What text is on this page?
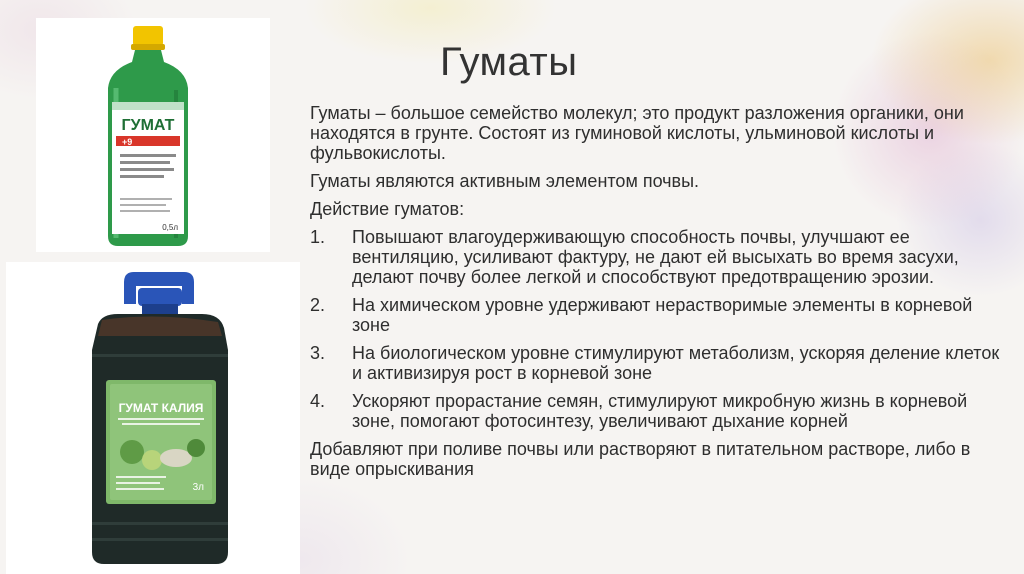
ГУМАТ
+9
0,5л
ГУМАТ КАЛИЯ
3л
Гуматы

Гуматы – большое семейство молекул; это продукт разложения органики, они находятся в грунте. Состоят из гуминовой кислоты, ульминовой кислоты и фульвокислоты.

Гуматы являются активным элементом почвы.

Действие гуматов:

1. Повышают влагоудерживающую способность почвы, улучшают ее вентиляцию, усиливают фактуру, не дают ей высыхать во время засухи, делают почву более легкой и способствуют предотвращению эрозии.
2. На химическом уровне удерживают нерастворимые элементы в корневой зоне
3. На биологическом уровне стимулируют метаболизм, ускоряя деление клеток и активизируя рост в корневой зоне
4. Ускоряют прорастание семян, стимулируют микробную жизнь в корневой зоне, помогают фотосинтезу, увеличивают дыхание корней

Добавляют при поливе почвы или растворяют в питательном растворе, либо в виде опрыскивания
